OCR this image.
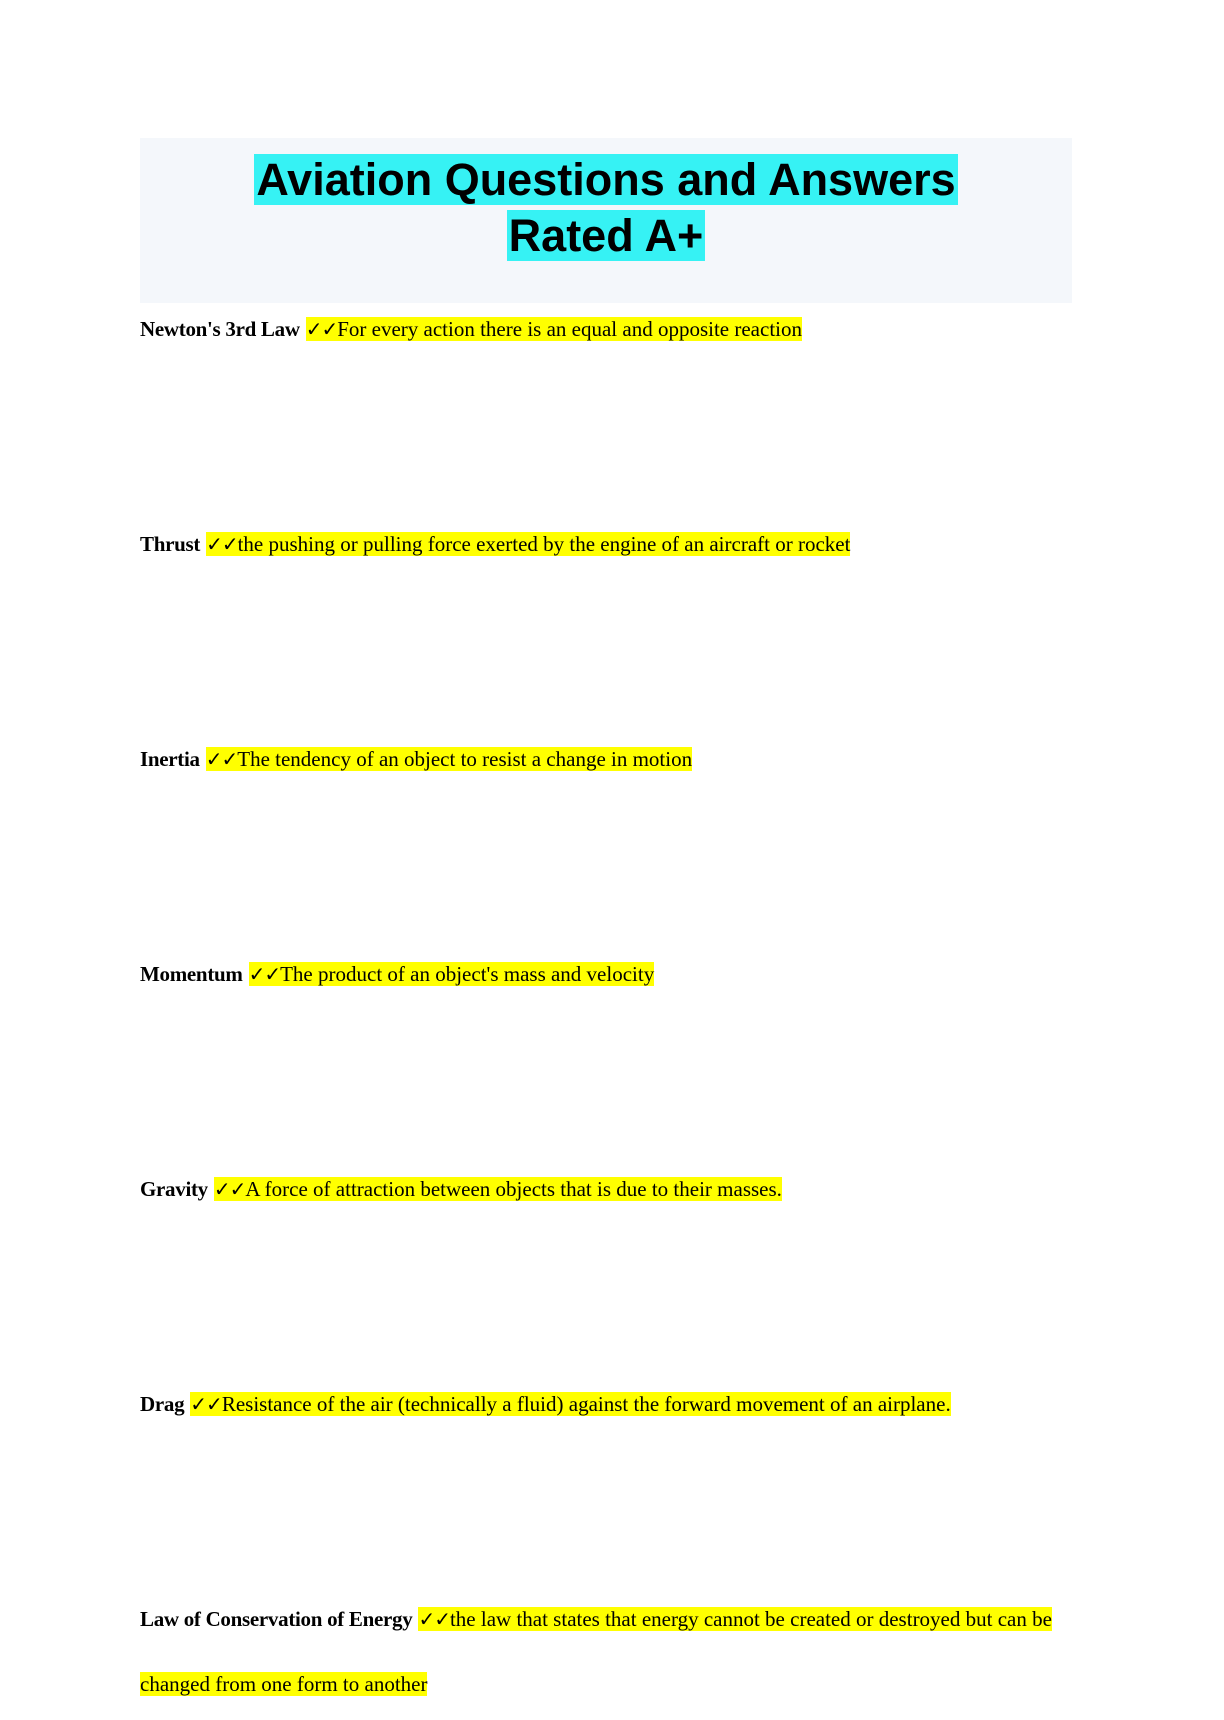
Aviation Questions and Answers
Rated A+
Newton's 3rd Law ✓✓For every action there is an equal and opposite reaction
Thrust ✓✓the pushing or pulling force exerted by the engine of an aircraft or rocket
Inertia ✓✓The tendency of an object to resist a change in motion
Momentum ✓✓The product of an object's mass and velocity
Gravity ✓✓A force of attraction between objects that is due to their masses.
Drag ✓✓Resistance of the air (technically a fluid) against the forward movement of an airplane.
Law of Conservation of Energy ✓✓the law that states that energy cannot be created or destroyed but can be changed from one form to another
